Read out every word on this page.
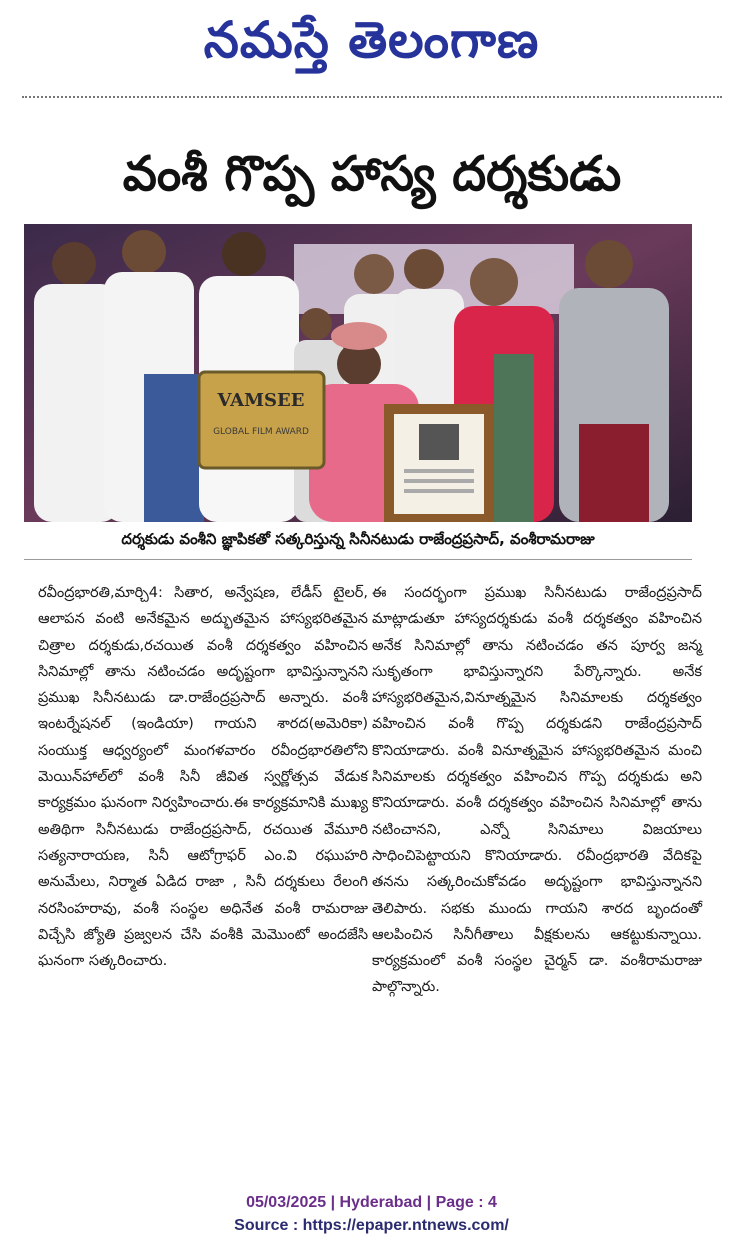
నమస్తే తెలంగాణ
వంశీ గొప్ప హాస్య దర్శకుడు
VAMSEE
GLOBAL FILM AWARD
దర్శకుడు వంశీని జ్ఞాపికతో సత్కరిస్తున్న సినీనటుడు రాజేంద్రప్రసాద్, వంశీరామరాజు

రవీంద్రభారతి,మార్చి4: సితార, అన్వేషణ, లేడీస్ టైలర్, ఆలాపన వంటి అనేకమైన అద్భుతమైన హాస్యభరితమైన చిత్రాల దర్శకుడు,రచయిత వంశీ దర్శకత్వం వహించిన సినిమాల్లో తాను నటించడం అదృష్టంగా భావిస్తున్నానని ప్రముఖ సినీనటుడు డా.రాజేంద్రప్రసాద్ అన్నారు. వంశీ ఇంటర్నేషనల్ (ఇండియా) గాయని శారద(అమెరికా) సంయుక్త ఆధ్వర్యంలో మంగళవారం రవీంద్రభారతిలోని మెయిన్‌హాల్‌లో వంశీ సినీ జీవిత స్వర్ణోత్సవ వేడుక కార్యక్రమం ఘనంగా నిర్వహించారు.ఈ కార్యక్రమానికి ముఖ్య అతిథిగా సినీనటుడు రాజేంద్రప్రసాద్, రచయిత వేమూరి సత్యనారాయణ, సినీ ఆటోగ్రాఫర్ ఎం.వి రఘుహరి అనుమేలు, నిర్మాత ఏడిద రాజా , సినీ దర్శకులు రేలంగి నరసింహరావు, వంశీ సంస్థల అధినేత వంశీ రామరాజు విచ్చేసి జ్యోతి ప్రజ్వలన చేసి వంశీకి మెమొంటో అందజేసి ఘనంగా సత్కరించారు.

ఈ సందర్భంగా ప్రముఖ సినీనటుడు రాజేంద్రప్రసాద్ మాట్లాడుతూ హాస్యదర్శకుడు వంశీ దర్శకత్వం వహించిన అనేక సినిమాల్లో తాను నటించడం తన పూర్వ జన్మ సుకృతంగా భావిస్తున్నారని పేర్కొన్నారు. అనేక హాస్యభరితమైన,వినూత్నమైన సినిమాలకు దర్శకత్వం వహించిన వంశీ గొప్ప దర్శకుడని రాజేంద్రప్రసాద్ కొనియాడారు. వంశీ వినూత్నమైన హాస్యభరితమైన మంచి సినిమాలకు దర్శకత్వం వహించిన గొప్ప దర్శకుడు అని కొనియాడారు. వంశీ దర్శకత్వం వహించిన సినిమాల్లో తాను నటించానని, ఎన్నో సినిమాలు విజయాలు సాధించిపెట్టాయని కొనియాడారు. రవీంద్రభారతి వేదికపై తనను సత్కరించుకోవడం అదృష్టంగా భావిస్తున్నానని తెలిపారు. సభకు ముందు గాయని శారద బృందంతో ఆలపించిన సినీగీతాలు వీక్షకులను ఆకట్టుకున్నాయి. కార్యక్రమంలో వంశీ సంస్థల చైర్మన్ డా. వంశీరామరాజు పాల్గొన్నారు.

05/03/2025 | Hyderabad | Page : 4
Source : https://epaper.ntnews.com/
